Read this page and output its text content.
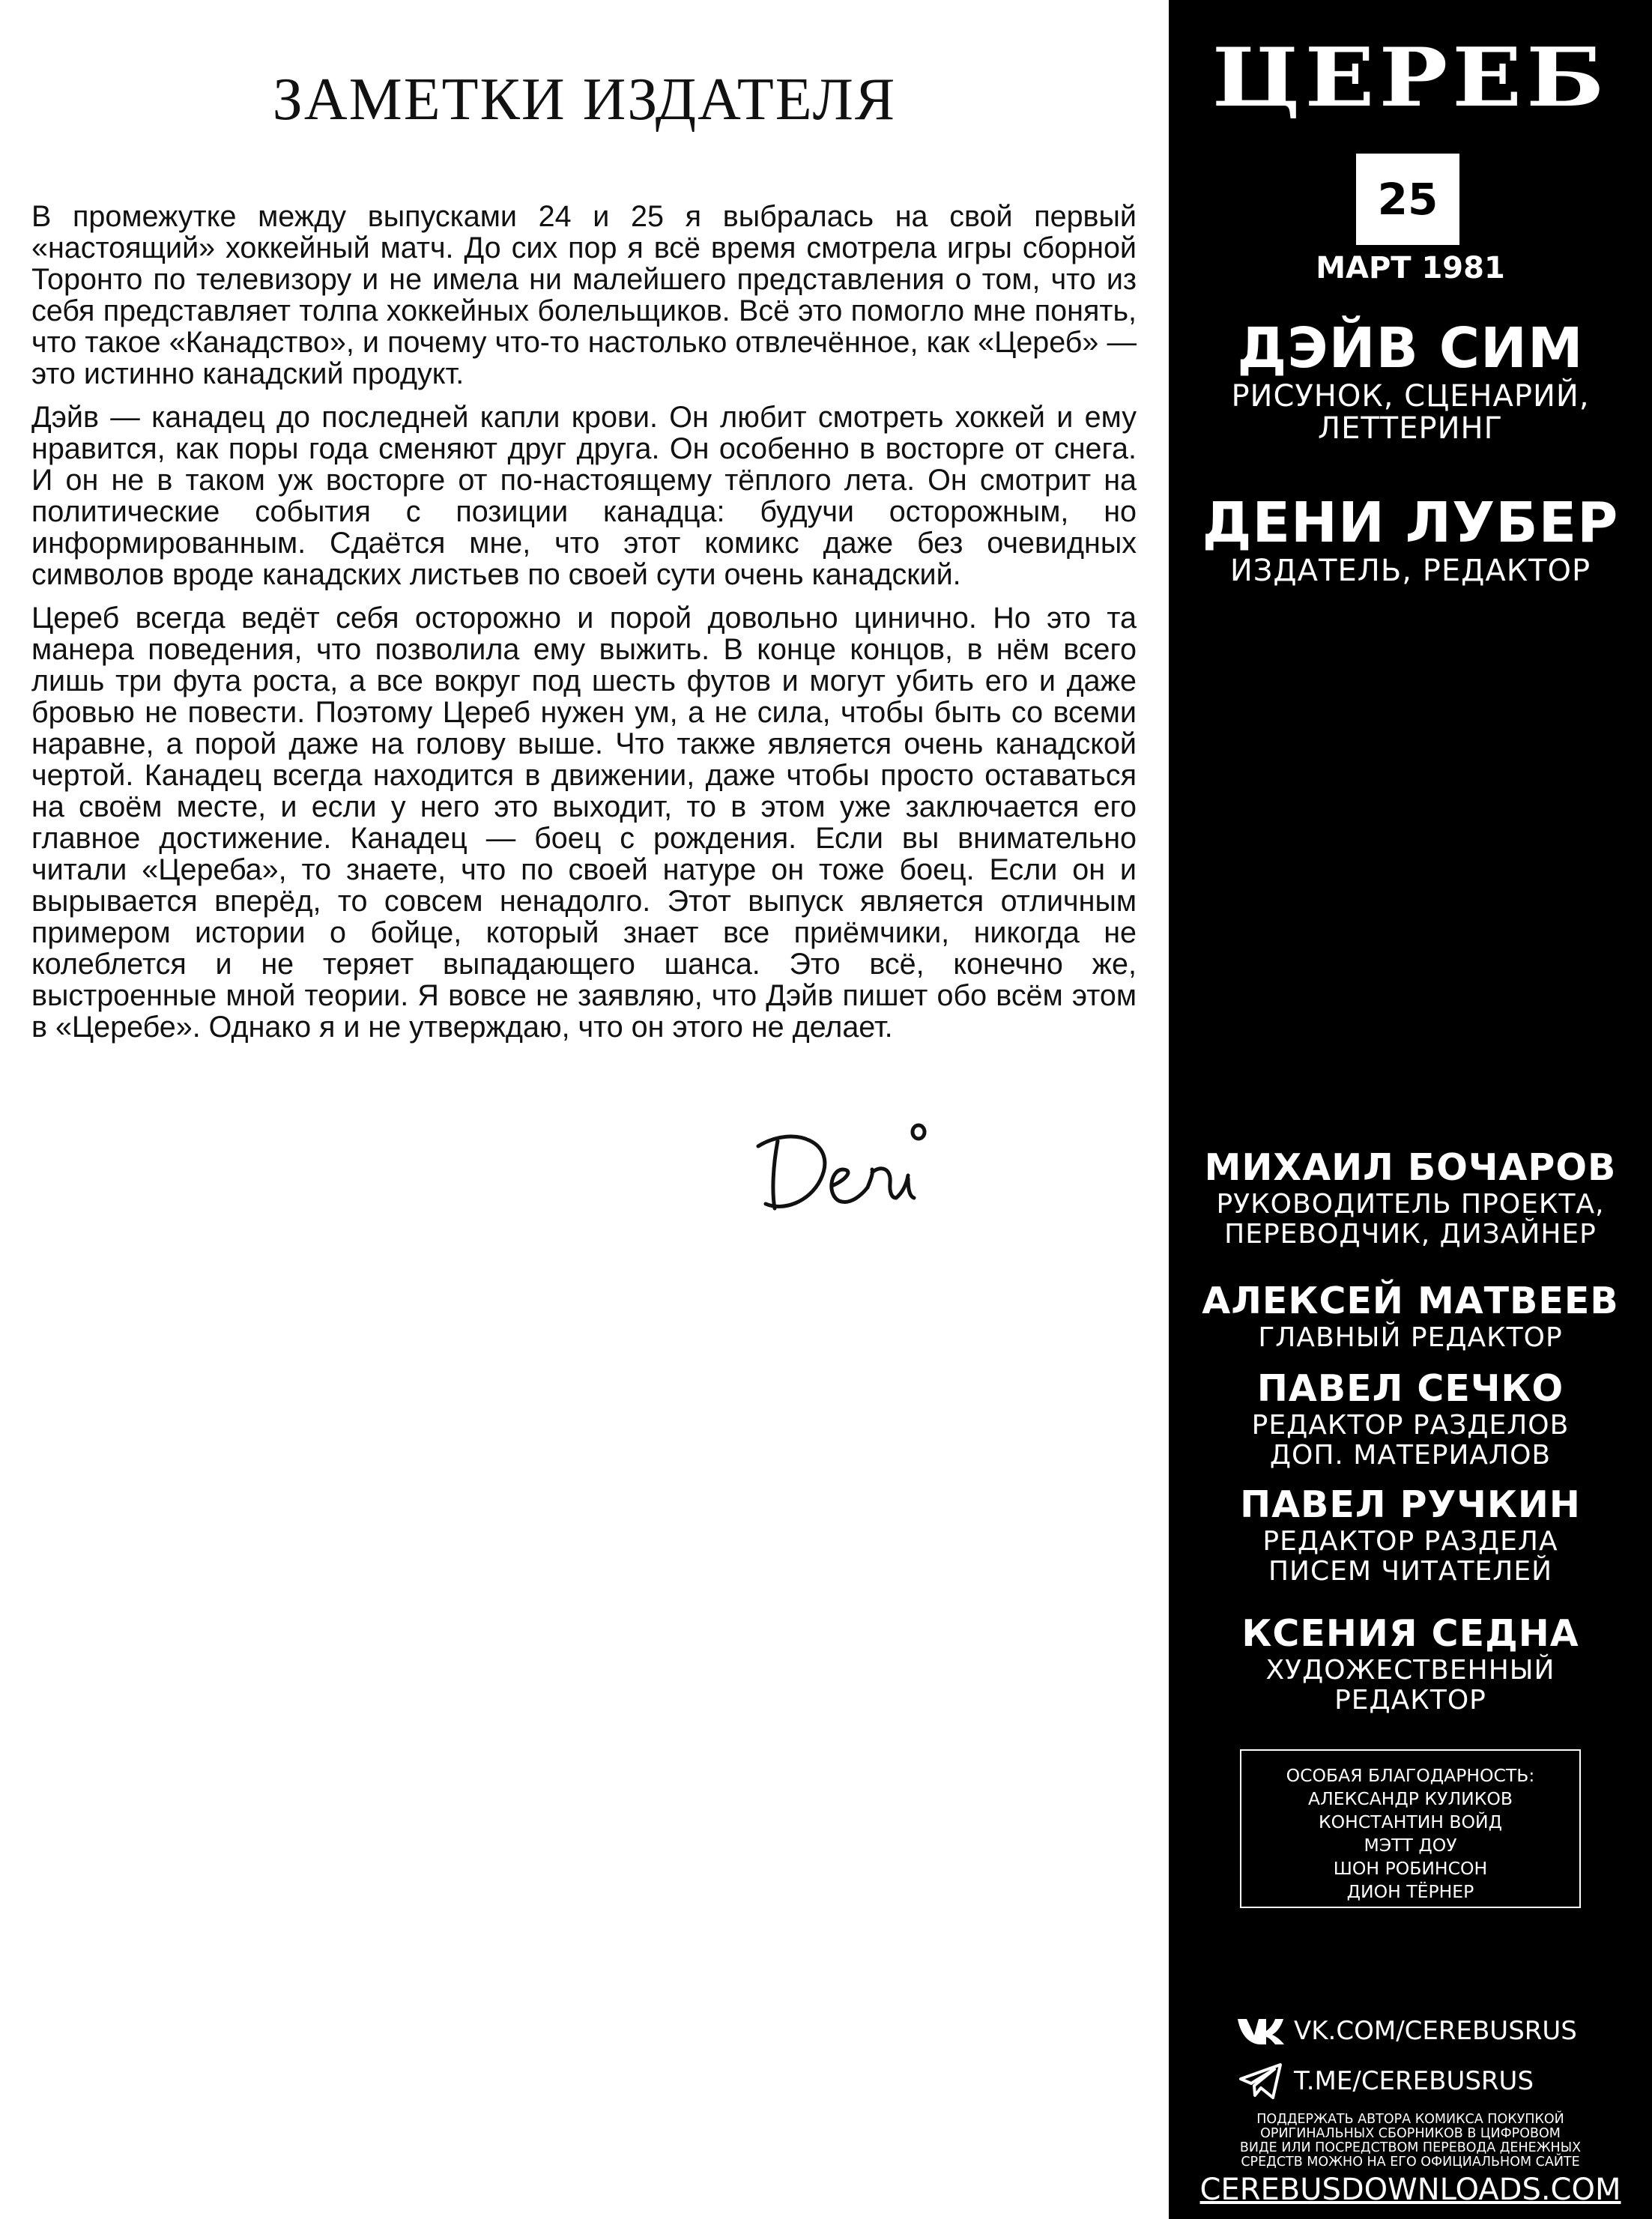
ЗАМЕТКИ ИЗДАТЕЛЯ

В промежутке между выпусками 24 и 25 я выбралась на свой первый «настоящий» хоккейный матч. До сих пор я всё время смотрела игры сборной Торонто по телевизору и не имела ни малейшего представления о том, что из себя представляет толпа хоккейных болельщиков. Всё это помогло мне понять, что такое «Канадство», и почему что-то настолько отвлечённое, как «Цереб» — это истинно канадский продукт.

Дэйв — канадец до последней капли крови. Он любит смотреть хоккей и ему нравится, как поры года сменяют друг друга. Он особенно в восторге от снега. И он не в таком уж восторге от по-настоящему тёплого лета. Он смотрит на политические события с позиции канадца: будучи осторожным, но информированным. Сдаётся мне, что этот комикс даже без очевидных символов вроде канадских листьев по своей сути очень канадский.

Цереб всегда ведёт себя осторожно и порой довольно цинично. Но это та манера поведения, что позволила ему выжить. В конце концов, в нём всего лишь три фута роста, а все вокруг под шесть футов и могут убить его и даже бровью не повести. Поэтому Цереб нужен ум, а не сила, чтобы быть со всеми наравне, а порой даже на голову выше. Что также является очень канадской чертой. Канадец всегда находится в движении, даже чтобы просто оставаться на своём месте, и если у него это выходит, то в этом уже заключается его главное достижение. Канадец — боец с рождения. Если вы внимательно читали «Цереба», то знаете, что по своей натуре он тоже боец. Если он и вырывается вперёд, то совсем ненадолго. Этот выпуск является отличным примером истории о бойце, который знает все приёмчики, никогда не колеблется и не теряет выпадающего шанса. Это всё, конечно же, выстроенные мной теории. Я вовсе не заявляю, что Дэйв пишет обо всём этом в «Церебе». Однако я и не утверждаю, что он этого не делает.

ЦЕРЕБ
25
МАРТ 1981
ДЭЙВ СИМ
РИСУНОК, СЦЕНАРИЙ,
ЛЕТТЕРИНГ
ДЕНИ ЛУБЕР
ИЗДАТЕЛЬ, РЕДАКТОР
МИХАИЛ БОЧАРОВ
РУКОВОДИТЕЛЬ ПРОЕКТА,
ПЕРЕВОДЧИК, ДИЗАЙНЕР
АЛЕКСЕЙ МАТВЕЕВ
ГЛАВНЫЙ РЕДАКТОР
ПАВЕЛ СЕЧКО
РЕДАКТОР РАЗДЕЛОВ
ДОП. МАТЕРИАЛОВ
ПАВЕЛ РУЧКИН
РЕДАКТОР РАЗДЕЛА
ПИСЕМ ЧИТАТЕЛЕЙ
КСЕНИЯ СЕДНА
ХУДОЖЕСТВЕННЫЙ
РЕДАКТОР
ОСОБАЯ БЛАГОДАРНОСТЬ:
АЛЕКСАНДР КУЛИКОВ
КОНСТАНТИН ВОЙД
МЭТТ ДОУ
ШОН РОБИНСОН
ДИОН ТЁРНЕР
VK.COM/CEREBUSRUS
T.ME/CEREBUSRUS
ПОДДЕРЖАТЬ АВТОРА КОМИКСА ПОКУПКОЙ
ОРИГИНАЛЬНЫХ СБОРНИКОВ В ЦИФРОВОМ
ВИДЕ ИЛИ ПОСРЕДСТВОМ ПЕРЕВОДА ДЕНЕЖНЫХ
СРЕДСТВ МОЖНО НА ЕГО ОФИЦИАЛЬНОМ САЙТЕ
CEREBUSDOWNLOADS.COM
